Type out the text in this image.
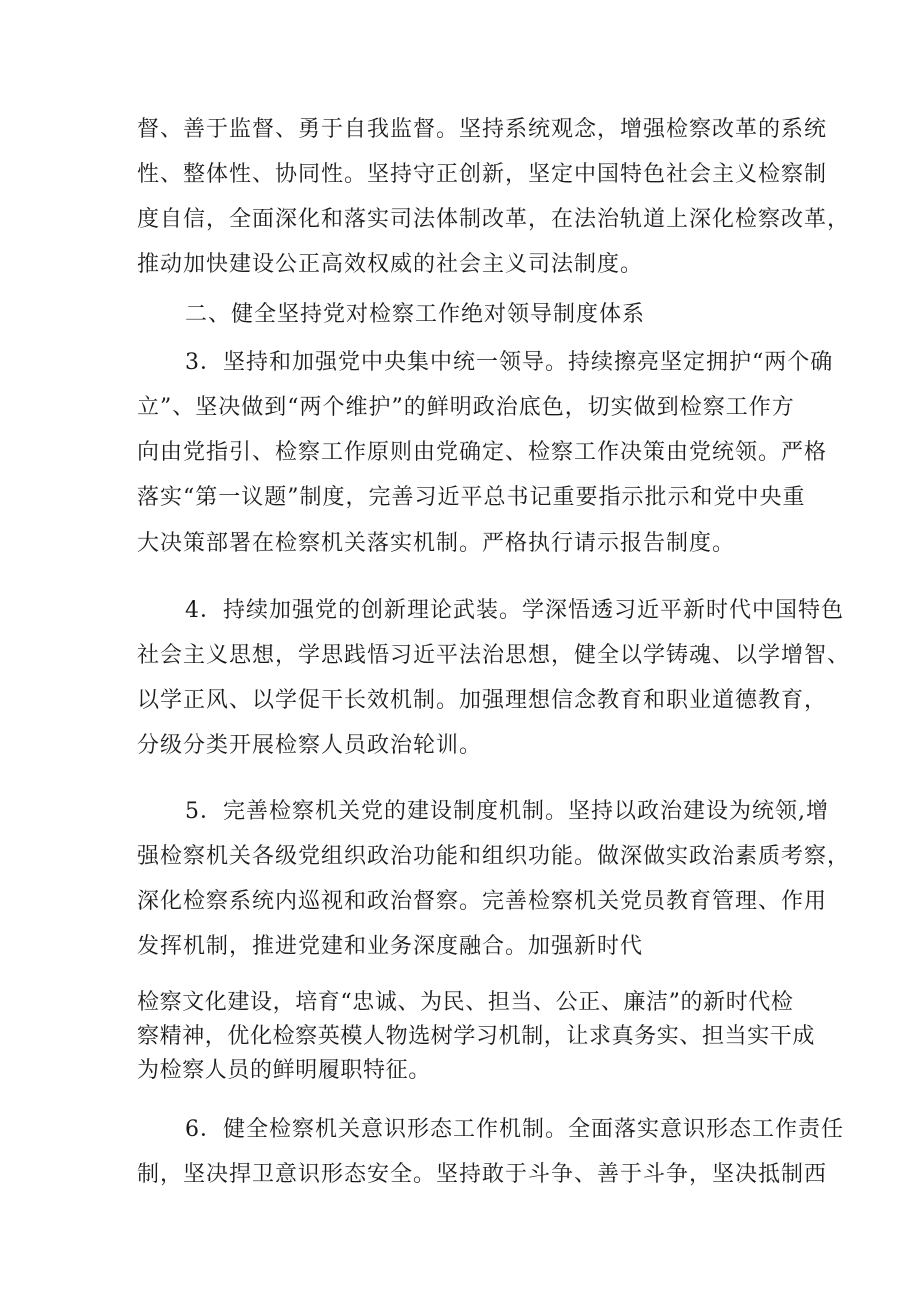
督、善于监督、勇于自我监督。坚持系统观念，增强检察改革的系统
性、整体性、协同性。坚持守正创新，坚定中国特色社会主义检察制
度自信，全面深化和落实司法体制改革，在法治轨道上深化检察改革，
推动加快建设公正高效权威的社会主义司法制度。
二、健全坚持党对检察工作绝对领导制度体系
3．坚持和加强党中央集中统一领导。持续擦亮坚定拥护“两个确
立”、坚决做到“两个维护”的鲜明政治底色，切实做到检察工作方
向由党指引、检察工作原则由党确定、检察工作决策由党统领。严格
落实“第一议题”制度，完善习近平总书记重要指示批示和党中央重
大决策部署在检察机关落实机制。严格执行请示报告制度。
4．持续加强党的创新理论武装。学深悟透习近平新时代中国特色
社会主义思想，学思践悟习近平法治思想，健全以学铸魂、以学增智、
以学正风、以学促干长效机制。加强理想信念教育和职业道德教育，
分级分类开展检察人员政治轮训。
5．完善检察机关党的建设制度机制。坚持以政治建设为统领,增
强检察机关各级党组织政治功能和组织功能。做深做实政治素质考察，
深化检察系统内巡视和政治督察。完善检察机关党员教育管理、作用
发挥机制，推进党建和业务深度融合。加强新时代
检察文化建设，培育“忠诚、为民、担当、公正、廉洁”的新时代检
察精神，优化检察英模人物选树学习机制，让求真务实、担当实干成
为检察人员的鲜明履职特征。
6．健全检察机关意识形态工作机制。全面落实意识形态工作责任
制，坚决捍卫意识形态安全。坚持敢于斗争、善于斗争，坚决抵制西
